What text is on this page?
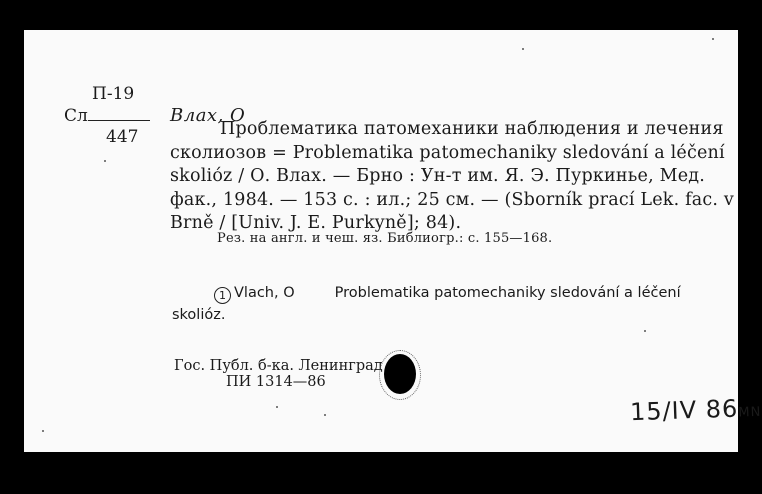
П-19
Сл
447
Влах, О
Проблематика патомеханики наблюдения и лечения сколиозов = Problematika patomechaniky sledování a léčení skolióz / О. Влах. — Брно : Ун-т им. Я. Э. Пуркинье, Мед. фак., 1984. — 153 с. : ил.; 25 см. — (Sborník prací Lek. fac. v Brně / [Univ. J. E. Purkyně]; 84).
Рез. на англ. и чеш. яз. Библиогр.: с. 155—168.
1 Vlach, O	Problematika patomechaniky sledování a léčení skolióz.
Гос. Публ. б-ка. Ленинград
ПИ 1314—86
15/IV 86MN
